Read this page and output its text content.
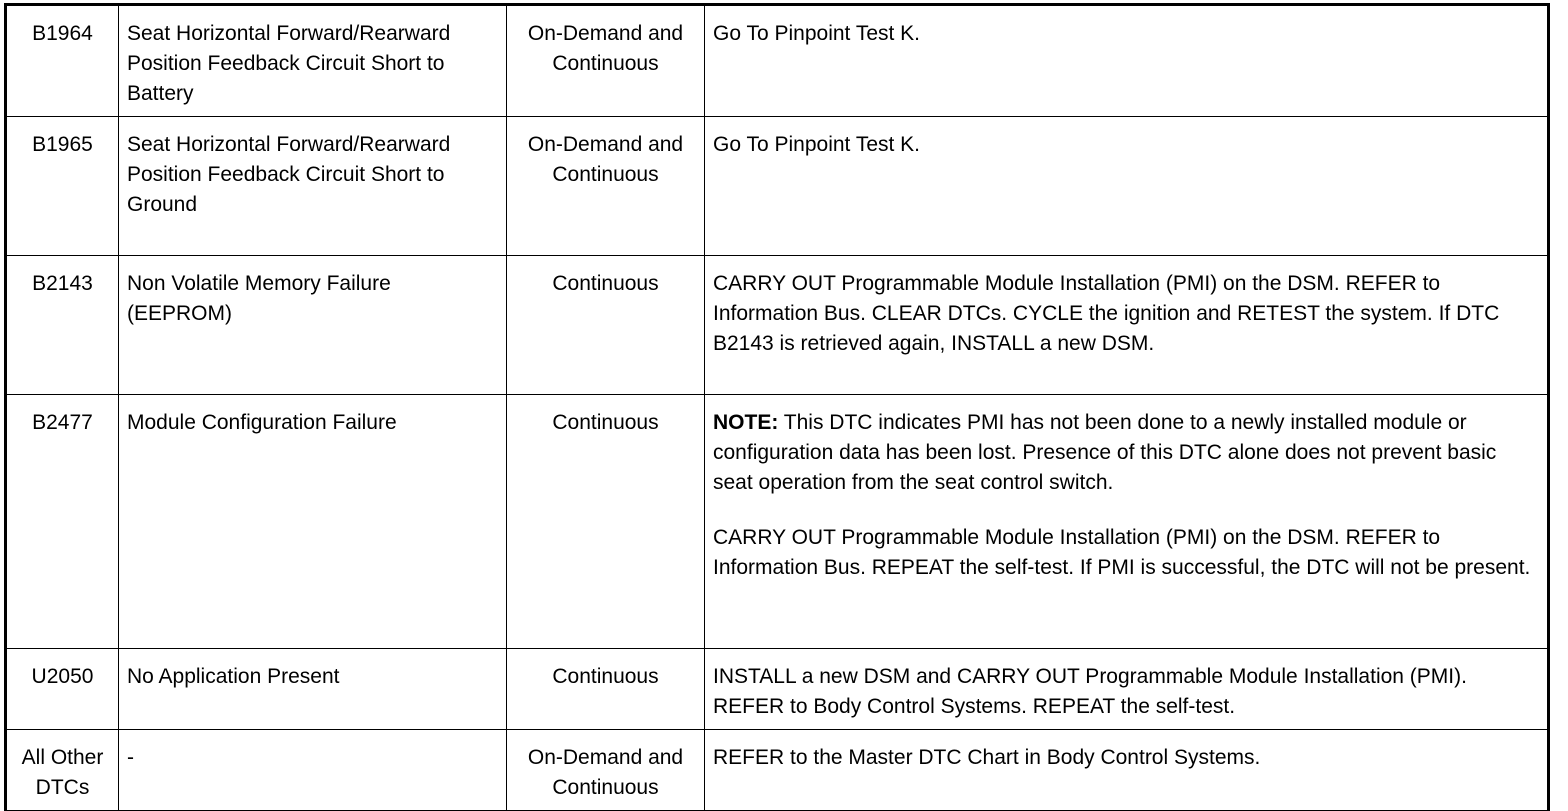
B1964	Seat Horizontal Forward/Rearward Position Feedback Circuit Short to Battery	On-Demand and Continuous	Go To Pinpoint Test K.
B1965	Seat Horizontal Forward/Rearward Position Feedback Circuit Short to Ground	On-Demand and Continuous	Go To Pinpoint Test K.
B2143	Non Volatile Memory Failure (EEPROM)	Continuous	CARRY OUT Programmable Module Installation (PMI) on the DSM. REFER to Information Bus. CLEAR DTCs. CYCLE the ignition and RETEST the system. If DTC B2143 is retrieved again, INSTALL a new DSM.
B2477	Module Configuration Failure	Continuous	NOTE: This DTC indicates PMI has not been done to a newly installed module or configuration data has been lost. Presence of this DTC alone does not prevent basic seat operation from the seat control switch.
CARRY OUT Programmable Module Installation (PMI) on the DSM. REFER to Information Bus. REPEAT the self-test. If PMI is successful, the DTC will not be present.

U2050	No Application Present	Continuous	INSTALL a new DSM and CARRY OUT Programmable Module Installation (PMI). REFER to Body Control Systems. REPEAT the self-test.
All Other DTCs	-	On-Demand and Continuous	REFER to the Master DTC Chart in Body Control Systems.
